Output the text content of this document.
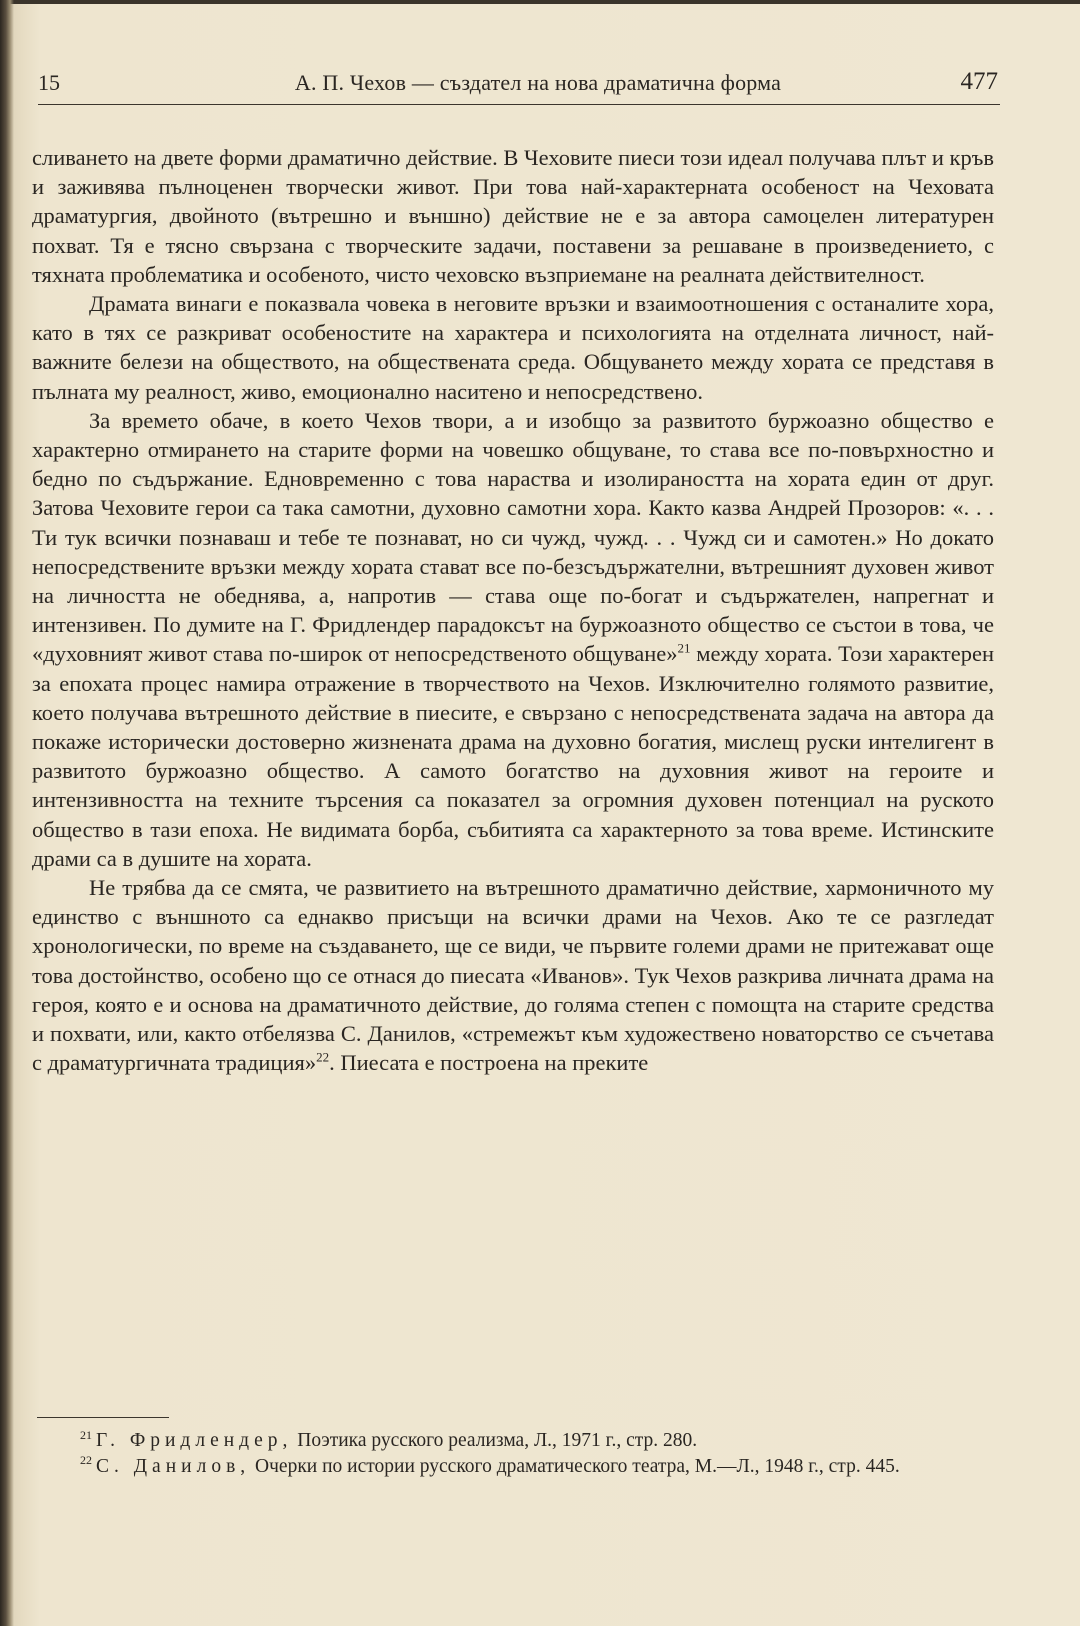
15	А. П. Чехов — създател на нова драматична форма	477

сливането на двете форми драматично действие. В Чеховите пиеси този идеал получава плът и кръв и заживява пълноценен творчески живот. При това най-характерната особеност на Чеховата драматургия, двойното (вътрешно и външно) действие не е за автора самоцелен литературен похват. Тя е тясно свързана с творческите задачи, поставени за решаване в произведението, с тяхната проблематика и особеното, чисто чеховско възприемане на реалната действителност.

Драмата винаги е показвала човека в неговите връзки и взаимоотношения с останалите хора, като в тях се разкриват особеностите на характера и психологията на отделната личност, най-важните белези на обществото, на обществената среда. Общуването между хората се представя в пълната му реалност, живо, емоционално наситено и непосредствено.

За времето обаче, в което Чехов твори, а и изобщо за развитото буржоазно общество е характерно отмирането на старите форми на човешко общуване, то става все по-повърхностно и бедно по съдържание. Едновременно с това нараства и изолираността на хората един от друг. Затова Чеховите герои са така самотни, духовно самотни хора. Както казва Андрей Прозоров: «. . . Ти тук всички познаваш и тебе те познават, но си чужд, чужд. . . Чужд си и самотен.» Но докато непосредствените връзки между хората стават все по-безсъдържателни, вътрешният духовен живот на личността не обеднява, а, напротив — става още по-богат и съдържателен, напрегнат и интензивен. По думите на Г. Фридлендер парадоксът на буржоазното общество се състои в това, че «духовният живот става по-широк от непосредственото общуване»$^{21}$ между хората. Този характерен за епохата процес намира отражение в творчеството на Чехов. Изключително голямото развитие, което получава вътрешното действие в пиесите, е свързано с непосредствената задача на автора да покаже исторически достоверно жизнената драма на духовно богатия, мислещ руски интелигент в развитото буржоазно общество. А самото богатство на духовния живот на героите и интензивността на техните търсения са показател за огромния духовен потенциал на руското общество в тази епоха. Не видимата борба, събитията са характерното за това време. Истинските драми са в душите на хората.

Не трябва да се смята, че развитието на вътрешното драматично действие, хармоничното му единство с външното са еднакво присъщи на всички драми на Чехов. Ако те се разгледат хронологически, по време на създаването, ще се види, че първите големи драми не притежават още това достойнство, особено що се отнася до пиесата «Иванов». Тук Чехов разкрива личната драма на героя, която е и основа на драматичното действие, до голяма степен с помощта на старите средства и похвати, или, както отбелязва С. Данилов, «стремежът към художествено новаторство се съчетава с драматургичната традиция»$^{22}$. Пиесата е построена на преките

$^{21}$ Г. Фридлендер, Поэтика русского реализма, Л., 1971 г., стр. 280.

$^{22}$ С. Данилов, Очерки по истории русского драматического театра, М.—Л., 1948 г., стр. 445.
